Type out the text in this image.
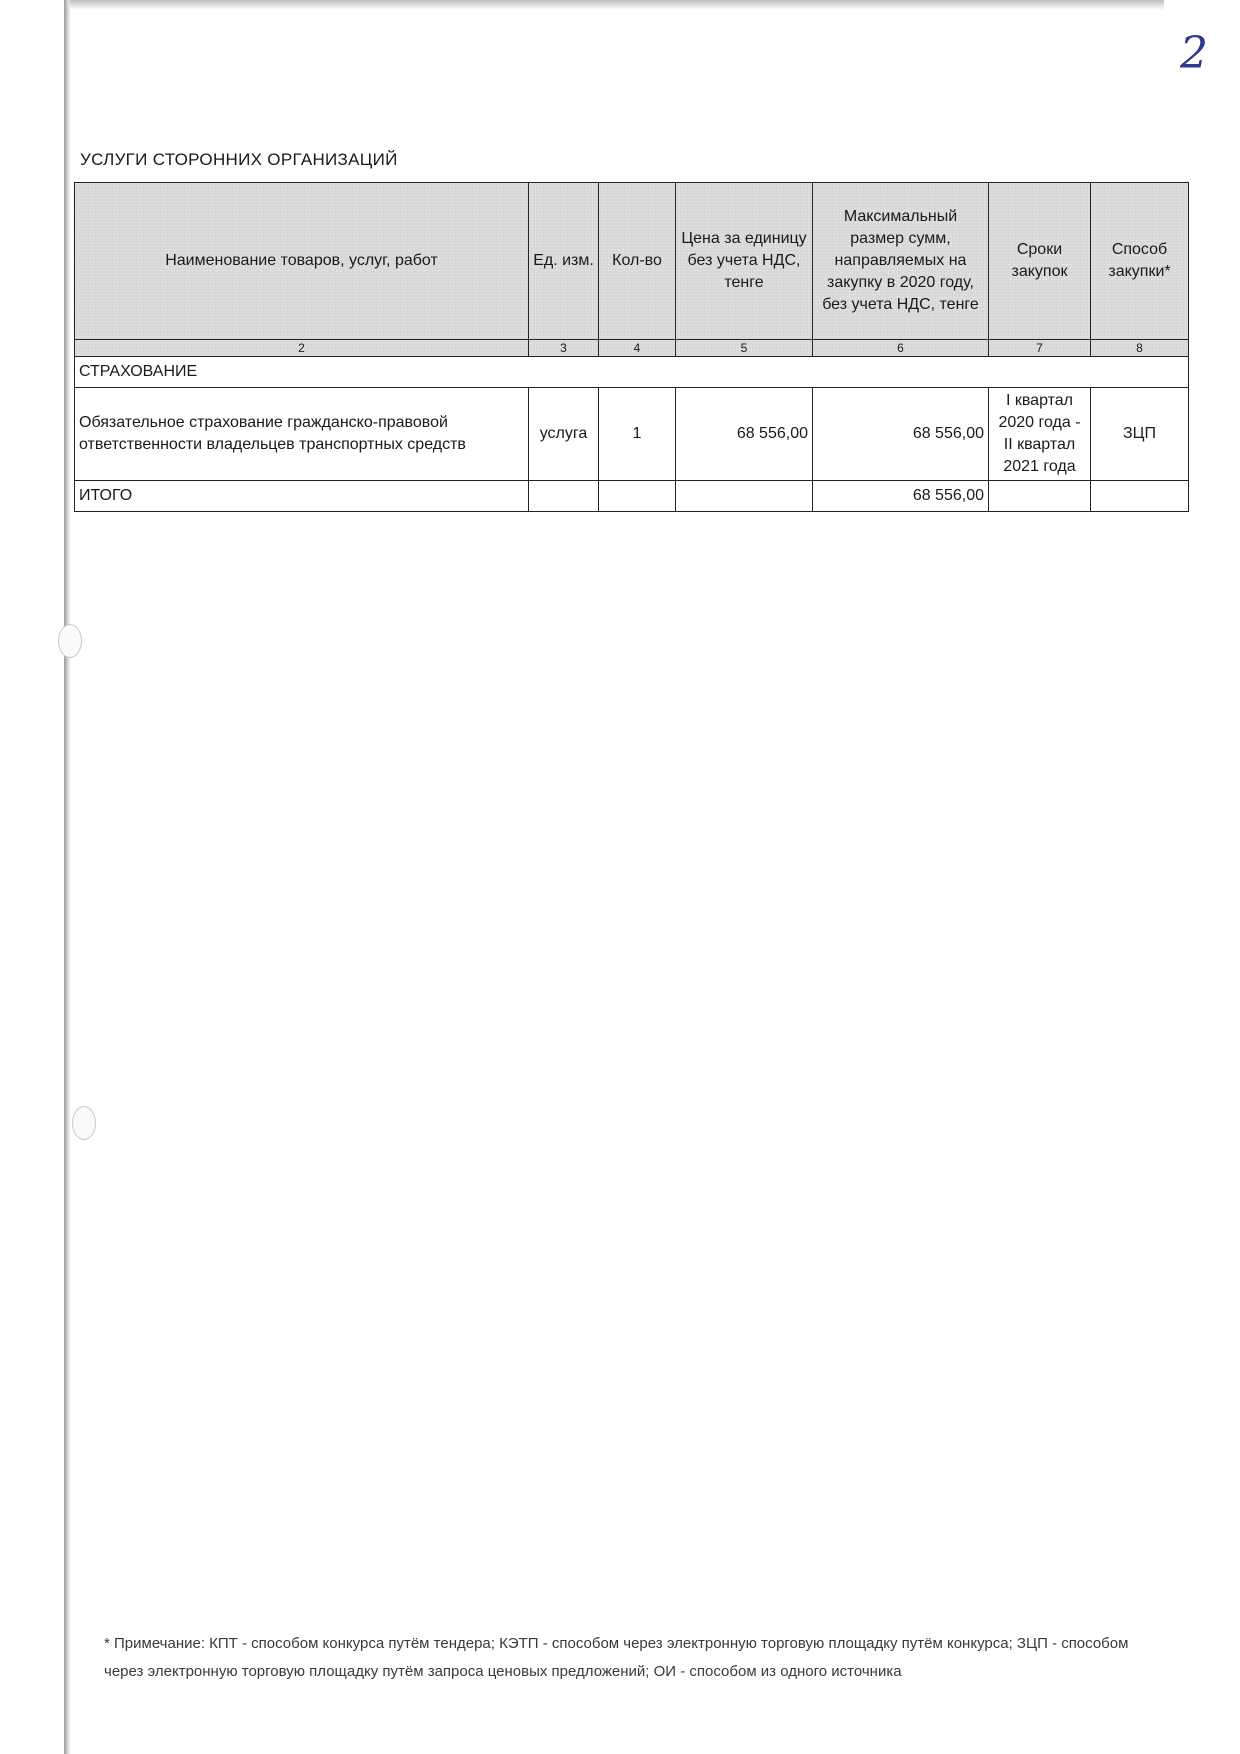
2
УСЛУГИ СТОРОННИХ ОРГАНИЗАЦИЙ
Наименование товаров, услуг, работ	Ед. изм.	Кол-во	Цена за единицу без учета НДС, тенге	Максимальный размер сумм, направляемых на закупку в 2020 году, без учета НДС, тенге	Сроки закупок	Способ закупки*
2	3	4	5	6	7	8
СТРАХОВАНИЕ						
Обязательное страхование гражданско-правовой ответственности владельцев транспортных средств	услуга	1	68 556,00	68 556,00	I квартал 2020 года - II квартал 2021 года	ЗЦП
ИТОГО				68 556,00		
* Примечание: КПТ - способом конкурса путём тендера; КЭТП - способом через электронную торговую площадку путём конкурса; ЗЦП - способом через электронную торговую площадку путём запроса ценовых предложений; ОИ - способом из одного источника
